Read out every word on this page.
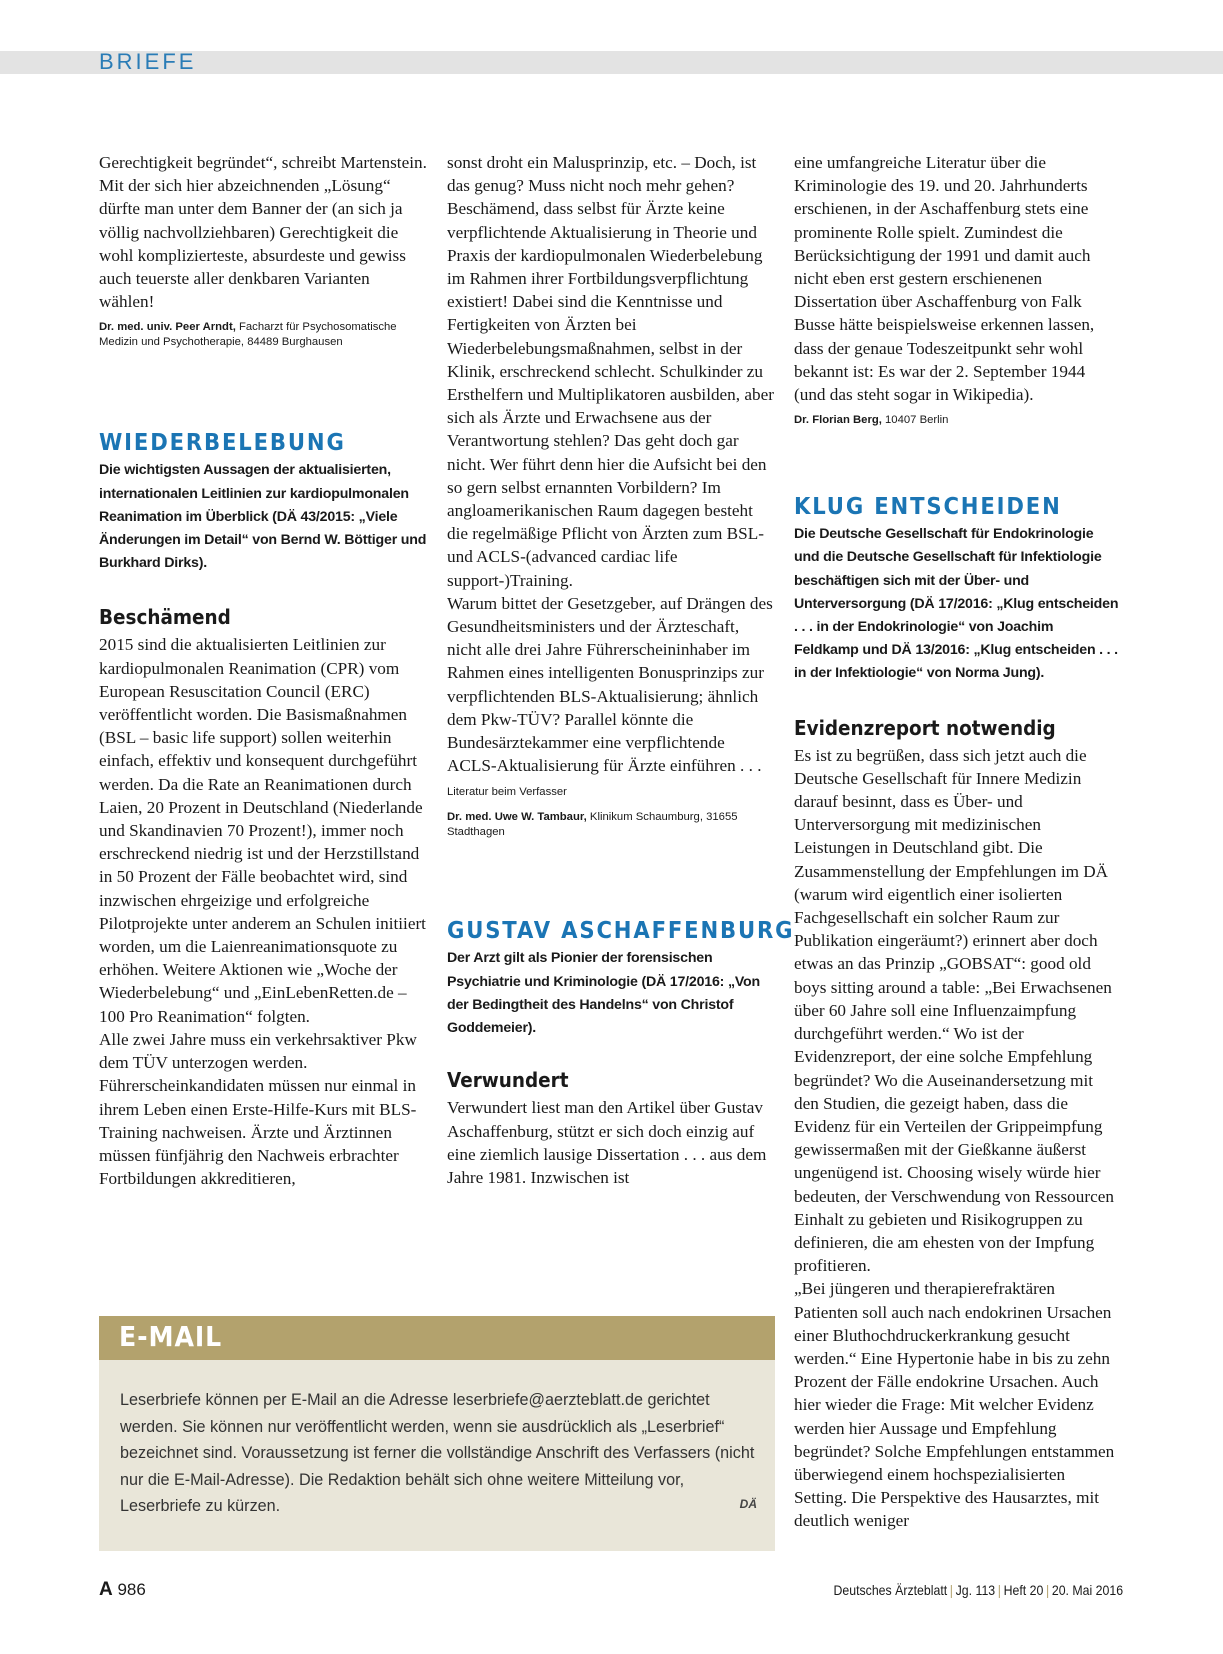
BRIEFE

Gerechtigkeit begründet“, schreibt Martenstein. Mit der sich hier abzeichnenden „Lösung“ dürfte man unter dem Banner der (an sich ja völlig nachvollziehbaren) Gerechtigkeit die wohl komplizierteste, absurdeste und gewiss auch teuerste aller denkbaren Varianten wählen!

Dr. med. univ. Peer Arndt, Facharzt für Psychosomatische Medizin und Psychotherapie, 84489 Burghausen

WIEDERBELEBUNG

Die wichtigsten Aussagen der aktualisierten, internationalen Leitlinien zur kardiopulmonalen Reanimation im Überblick (DÄ 43/2015: „Viele Änderungen im Detail“ von Bernd W. Böttiger und Burkhard Dirks).

Beschämend

2015 sind die aktualisierten Leitlinien zur kardiopulmonalen Reanimation (CPR) vom European Resuscitation Council (ERC) veröffentlicht worden. Die Basismaßnahmen (BSL – basic life support) sollen weiterhin einfach, effektiv und konsequent durchgeführt werden. Da die Rate an Reanimationen durch Laien, 20 Prozent in Deutschland (Niederlande und Skandinavien 70 Prozent!), immer noch erschreckend niedrig ist und der Herzstillstand in 50 Prozent der Fälle beobachtet wird, sind inzwischen ehrgeizige und erfolgreiche Pilotprojekte unter anderem an Schulen initiiert worden, um die Laienreanimationsquote zu erhöhen. Weitere Aktionen wie „Woche der Wiederbelebung“ und „EinLebenRetten.de – 100 Pro Reanimation“ folgten.

Alle zwei Jahre muss ein verkehrsaktiver Pkw dem TÜV unterzogen werden. Führerscheinkandidaten müssen nur einmal in ihrem Leben einen Erste-Hilfe-Kurs mit BLS-Training nachweisen. Ärzte und Ärztinnen müssen fünfjährig den Nachweis erbrachter Fortbildungen akkreditieren,

sonst droht ein Malusprinzip, etc. – Doch, ist das genug? Muss nicht noch mehr gehen? Beschämend, dass selbst für Ärzte keine verpflichtende Aktualisierung in Theorie und Praxis der kardiopulmonalen Wiederbelebung im Rahmen ihrer Fortbildungsverpflichtung existiert! Dabei sind die Kenntnisse und Fertigkeiten von Ärzten bei Wiederbelebungsmaßnahmen, selbst in der Klinik, erschreckend schlecht. Schulkinder zu Ersthelfern und Multiplikatoren ausbilden, aber sich als Ärzte und Erwachsene aus der Verantwortung stehlen? Das geht doch gar nicht. Wer führt denn hier die Aufsicht bei den so gern selbst ernannten Vorbildern? Im angloamerikanischen Raum dagegen besteht die regelmäßige Pflicht von Ärzten zum BSL- und ACLS-(advanced cardiac life support-)Training.

Warum bittet der Gesetzgeber, auf Drängen des Gesundheitsministers und der Ärzteschaft, nicht alle drei Jahre Führerscheininhaber im Rahmen eines intelligenten Bonusprinzips zur verpflichtenden BLS-Aktualisierung; ähnlich dem Pkw-TÜV? Parallel könnte die Bundesärztekammer eine verpflichtende ACLS-Aktualisierung für Ärzte einführen . . .

Literatur beim Verfasser

Dr. med. Uwe W. Tambaur, Klinikum Schaumburg, 31655 Stadthagen

GUSTAV ASCHAFFENBURG

Der Arzt gilt als Pionier der forensischen Psychiatrie und Kriminologie (DÄ 17/2016: „Von der Bedingtheit des Handelns“ von Christof Goddemeier).

Verwundert

Verwundert liest man den Artikel über Gustav Aschaffenburg, stützt er sich doch einzig auf eine ziemlich lausige Dissertation . . . aus dem Jahre 1981. Inzwischen ist

eine umfangreiche Literatur über die Kriminologie des 19. und 20. Jahrhunderts erschienen, in der Aschaffenburg stets eine prominente Rolle spielt. Zumindest die Berücksichtigung der 1991 und damit auch nicht eben erst gestern erschienenen Dissertation über Aschaffenburg von Falk Busse hätte beispielsweise erkennen lassen, dass der genaue Todeszeitpunkt sehr wohl bekannt ist: Es war der 2. September 1944 (und das steht sogar in Wikipedia).

Dr. Florian Berg, 10407 Berlin

KLUG ENTSCHEIDEN

Die Deutsche Gesellschaft für Endokrinologie und die Deutsche Gesellschaft für Infektiologie beschäftigen sich mit der Über- und Unterversorgung (DÄ 17/2016: „Klug entscheiden . . . in der Endokrinologie“ von Joachim Feldkamp und DÄ 13/2016: „Klug entscheiden . . . in der Infektiologie“ von Norma Jung).

Evidenzreport notwendig

Es ist zu begrüßen, dass sich jetzt auch die Deutsche Gesellschaft für Innere Medizin darauf besinnt, dass es Über- und Unterversorgung mit medizinischen Leistungen in Deutschland gibt. Die Zusammenstellung der Empfehlungen im DÄ (warum wird eigentlich einer isolierten Fachgesellschaft ein solcher Raum zur Publikation eingeräumt?) erinnert aber doch etwas an das Prinzip „GOBSAT“: good old boys sitting around a table: „Bei Erwachsenen über 60 Jahre soll eine Influenzaimpfung durchgeführt werden.“ Wo ist der Evidenzreport, der eine solche Empfehlung begründet? Wo die Auseinandersetzung mit den Studien, die gezeigt haben, dass die Evidenz für ein Verteilen der Grippeimpfung gewissermaßen mit der Gießkanne äußerst ungenügend ist. Choosing wisely würde hier bedeuten, der Verschwendung von Ressourcen Einhalt zu gebieten und Risikogruppen zu definieren, die am ehesten von der Impfung profitieren.

„Bei jüngeren und therapierefraktären Patienten soll auch nach endokrinen Ursachen einer Bluthochdruckerkrankung gesucht werden.“ Eine Hypertonie habe in bis zu zehn Prozent der Fälle endokrine Ursachen. Auch hier wieder die Frage: Mit welcher Evidenz werden hier Aussage und Empfehlung begründet? Solche Empfehlungen entstammen überwiegend einem hochspezialisierten Setting. Die Perspektive des Hausarztes, mit deutlich weniger

E-MAIL

Leserbriefe können per E-Mail an die Adresse leserbriefe@aerzteblatt.de gerichtet werden. Sie können nur veröffentlicht werden, wenn sie ausdrücklich als „Leserbrief“ bezeichnet sind. Voraussetzung ist ferner die vollständige Anschrift des Verfassers (nicht nur die E-Mail-Adresse). Die Redaktion behält sich ohne weitere Mitteilung vor, Leserbriefe zu kürzen.	DÄ
A 986	Deutsches Ärzteblatt | Jg. 113 | Heft 20 | 20. Mai 2016
